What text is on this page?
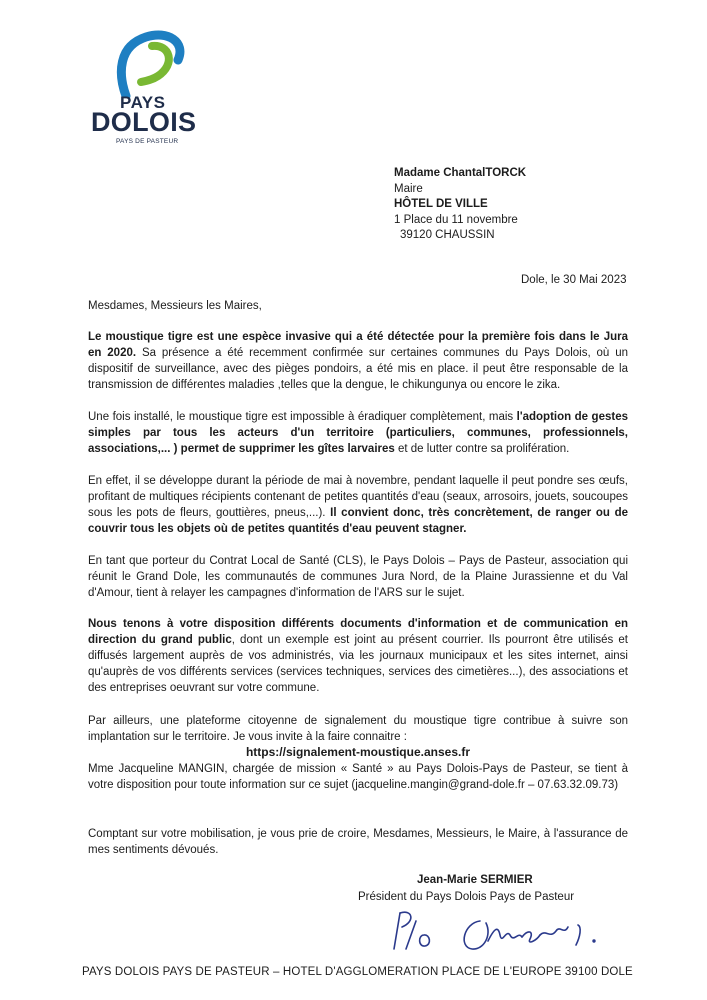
PAYS
DOLOIS
PAYS DE PASTEUR
Madame ChantalTORCK
Maire
HÔTEL DE VILLE
1 Place du 11 novembre
39120 CHAUSSIN
Dole, le 30 Mai 2023
Mesdames, Messieurs les Maires,
Le moustique tigre est une espèce invasive qui a été détectée pour la première fois dans le Jura en 2020. Sa présence a été recemment confirmée sur certaines communes du Pays Dolois, où un dispositif de surveillance, avec des pièges pondoirs, a été mis en place. il peut être responsable de la transmission de différentes maladies ,telles que la dengue, le chikungunya ou encore le zika.
Une fois installé, le moustique tigre est impossible à éradiquer complètement, mais l'adoption de gestes simples par tous les acteurs d'un territoire (particuliers, communes, professionnels, associations,... ) permet de supprimer les gîtes larvaires et de lutter contre sa prolifération.
En effet, il se développe durant la période de mai à novembre, pendant laquelle il peut pondre ses œufs, profitant de multiques récipients contenant de petites quantités d'eau (seaux, arrosoirs, jouets, soucoupes sous les pots de fleurs, gouttières, pneus,...). Il convient donc, très concrètement, de ranger ou de couvrir tous les objets où de petites quantités d'eau peuvent stagner.
En tant que porteur du Contrat Local de Santé (CLS), le Pays Dolois – Pays de Pasteur, association qui réunit le Grand Dole, les communautés de communes Jura Nord, de la Plaine Jurassienne et du Val d'Amour, tient à relayer les campagnes d'information de l'ARS sur le sujet.
Nous tenons à votre disposition différents documents d'information et de communication en direction du grand public, dont un exemple est joint au présent courrier. Ils pourront être utilisés et diffusés largement auprès de vos administrés, via les journaux municipaux et les sites internet, ainsi qu'auprès de vos différents services (services techniques, services des cimetières...), des associations et des entreprises oeuvrant sur votre commune.
Par ailleurs, une plateforme citoyenne de signalement du moustique tigre contribue à suivre son implantation sur le territoire. Je vous invite à la faire connaitre :
https://signalement-moustique.anses.fr
Mme Jacqueline MANGIN, chargée de mission « Santé » au Pays Dolois-Pays de Pasteur, se tient à votre disposition pour toute information sur ce sujet (jacqueline.mangin@grand-dole.fr – 07.63.32.09.73)
Comptant sur votre mobilisation, je vous prie de croire, Mesdames, Messieurs, le Maire, à l'assurance de mes sentiments dévoués.
Jean-Marie SERMIER
Président du Pays Dolois Pays de Pasteur
PAYS DOLOIS PAYS DE PASTEUR – HOTEL D'AGGLOMERATION PLACE DE L'EUROPE 39100 DOLE
